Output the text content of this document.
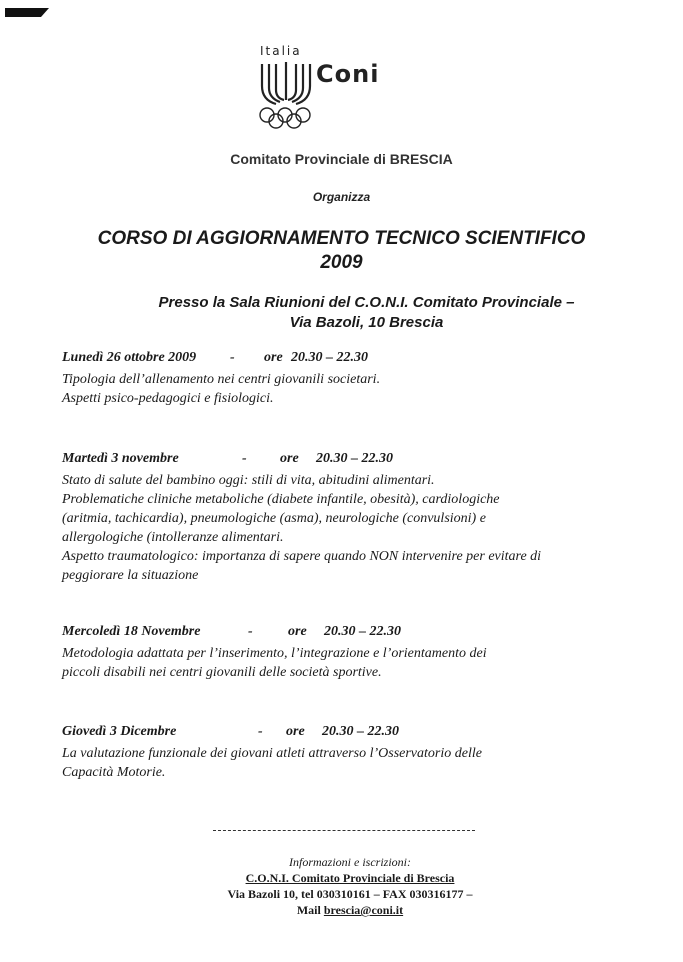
Italia
Coni
Comitato Provinciale di BRESCIA
Organizza
CORSO DI AGGIORNAMENTO TECNICO SCIENTIFICO
2009
Presso la Sala Riunioni del C.O.N.I. Comitato Provinciale –
Via Bazoli, 10 Brescia
Lunedì 26 ottobre 2009	-	ore 20.30 – 22.30
Tipologia dell’allenamento nei centri giovanili societari.
Aspetti psico-pedagogici e fisiologici.
Martedì 3 novembre	-	ore	20.30 – 22.30
Stato di salute del bambino oggi: stili di vita, abitudini alimentari.
Problematiche cliniche metaboliche (diabete infantile, obesità), cardiologiche
(aritmia, tachicardia), pneumologiche (asma), neurologiche (convulsioni) e
allergologiche (intolleranze alimentari.
Aspetto traumatologico: importanza di sapere quando NON intervenire per evitare di
peggiorare la situazione
Mercoledì 18 Novembre	-	ore	20.30 – 22.30
Metodologia adattata per l’inserimento, l’integrazione e l’orientamento dei
piccoli disabili nei centri giovanili delle società sportive.
Giovedì 3 Dicembre	-	ore	20.30 – 22.30
La valutazione funzionale dei giovani atleti attraverso l’Osservatorio delle
Capacità Motorie.
Informazioni e iscrizioni:
C.O.N.I. Comitato Provinciale di Brescia
Via Bazoli 10, tel 030310161 – FAX 030316177 –
Mail brescia@coni.it
